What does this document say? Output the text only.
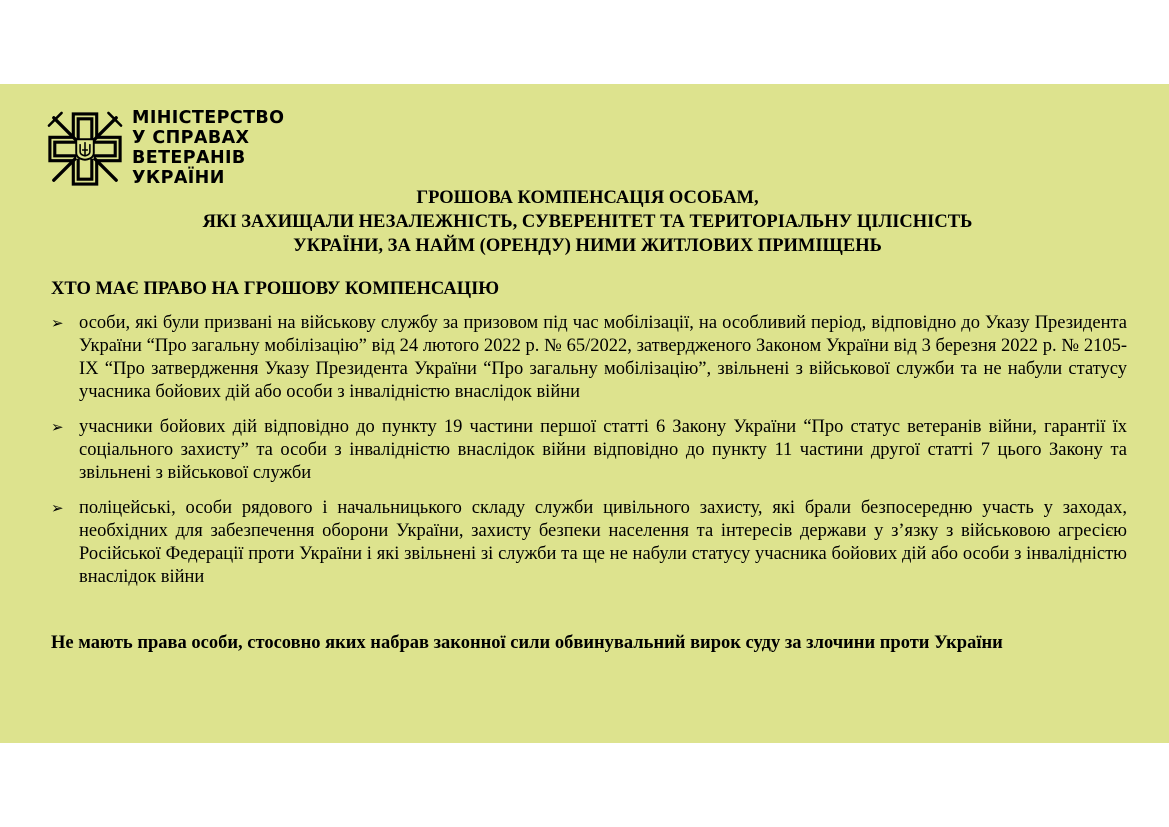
МІНІСТЕРСТВО
У СПРАВАХ
ВЕТЕРАНІВ
УКРАЇНИ
ГРОШОВА КОМПЕНСАЦІЯ ОСОБАМ,
ЯКІ ЗАХИЩАЛИ НЕЗАЛЕЖНІСТЬ, СУВЕРЕНІТЕТ ТА ТЕРИТОРІАЛЬНУ ЦІЛІСНІСТЬ
УКРАЇНИ, ЗА НАЙМ (ОРЕНДУ) НИМИ ЖИТЛОВИХ ПРИМІЩЕНЬ
ХТО МАЄ ПРАВО НА ГРОШОВУ КОМПЕНСАЦІЮ
➢ особи, які були призвані на військову службу за призовом під час мобілізації, на особливий період, відповідно до Указу Президента України “Про загальну мобілізацію” від 24 лютого 2022 р. № 65/2022, затвердженого Законом України від 3 березня 2022 р. № 2105-IX “Про затвердження Указу Президента України “Про загальну мобілізацію”, звільнені з військової служби та не набули статусу учасника бойових дій або особи з інвалідністю внаслідок війни

➢ учасники бойових дій відповідно до пункту 19 частини першої статті 6 Закону України “Про статус ветеранів війни, гарантії їх соціального захисту” та особи з інвалідністю внаслідок війни відповідно до пункту 11 частини другої статті 7 цього Закону та звільнені з військової служби

➢ поліцейські, особи рядового і начальницького складу служби цивільного захисту, які брали безпосередню участь у заходах, необхідних для забезпечення оборони України, захисту безпеки населення та інтересів держави у з’язку з військовою агресією Російської Федерації проти України і які звільнені зі служби та ще не набули статусу учасника бойових дій або особи з інвалідністю внаслідок війни

Не мають права особи, стосовно яких набрав законної сили обвинувальний вирок суду за злочини проти України
